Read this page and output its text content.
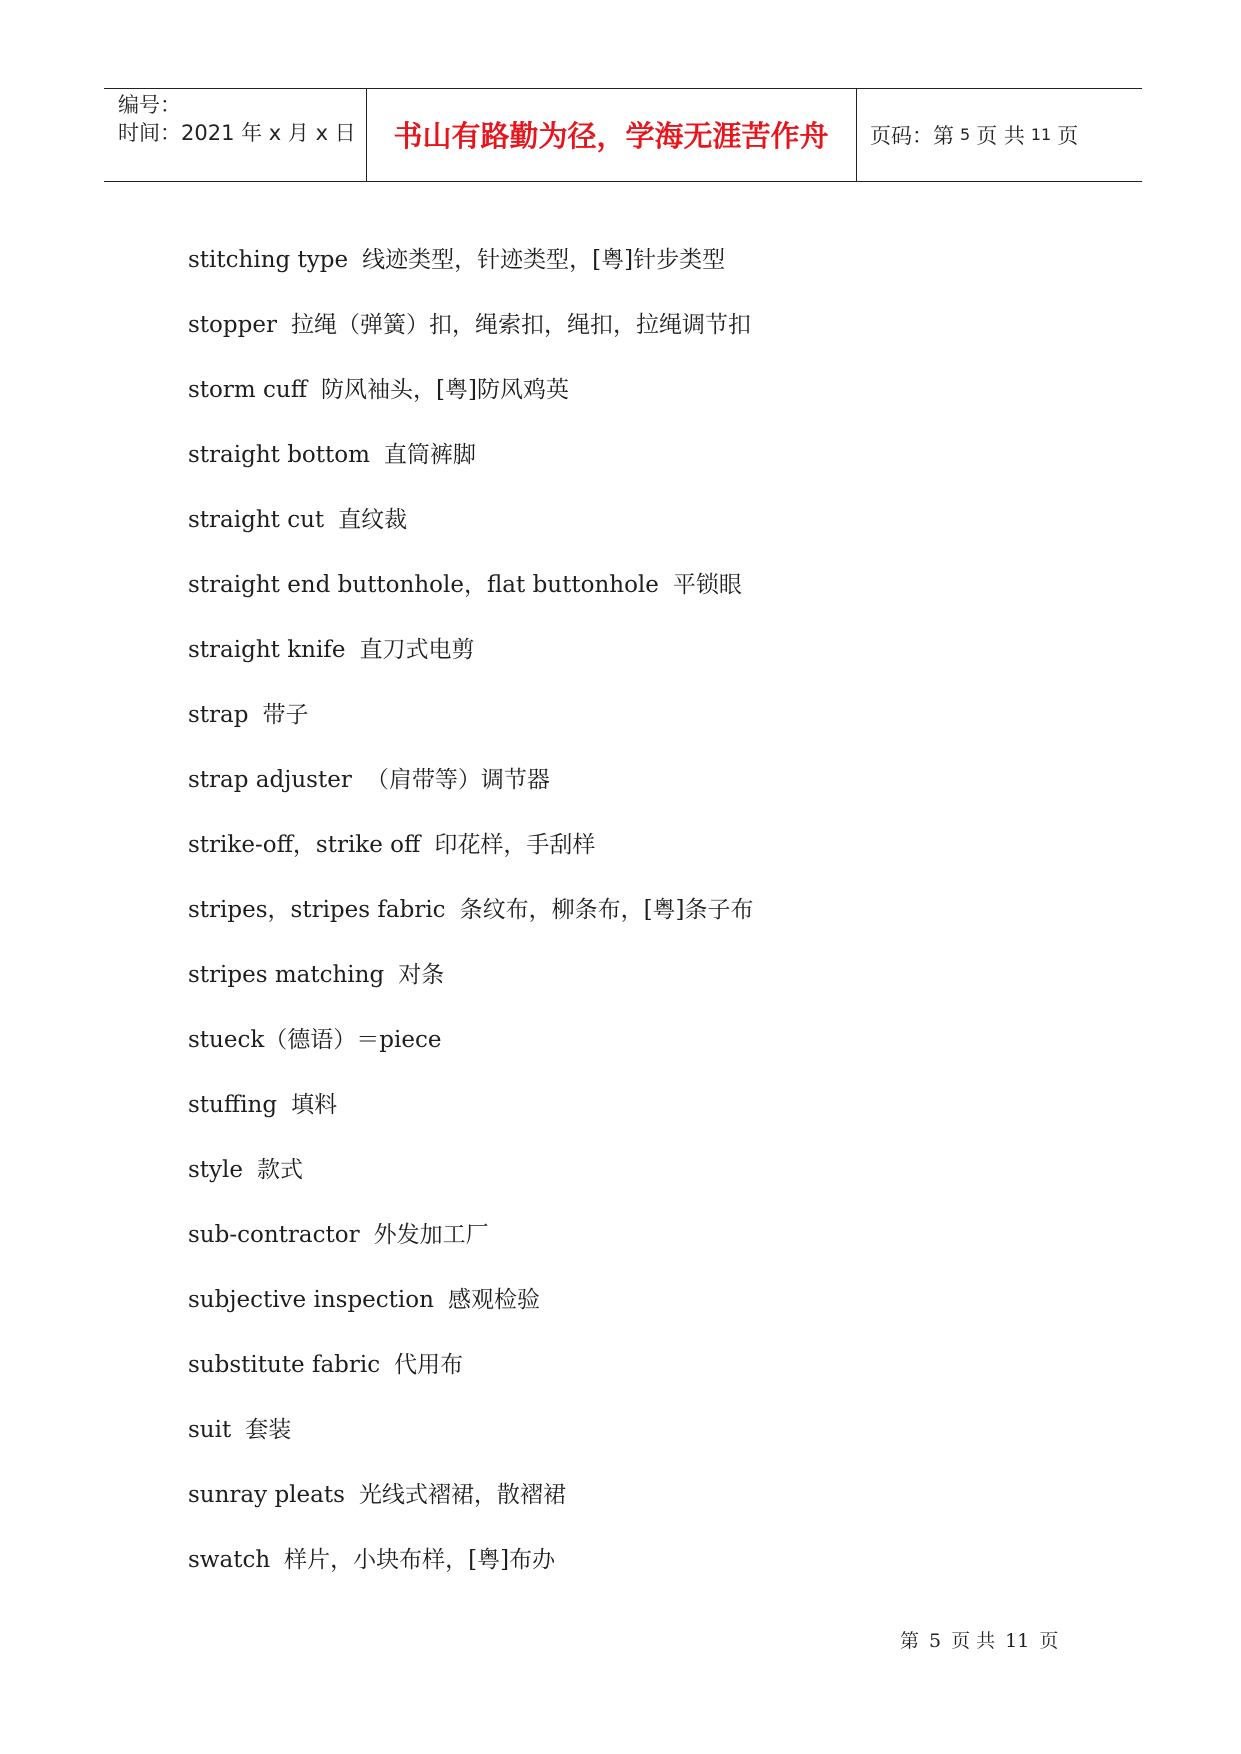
编号：
时间：2021 年 x 月 x 日	书山有路勤为径，学海无涯苦作舟	页码：第 5 页 共 11 页
stitching type 线迹类型，针迹类型，[粤]针步类型
stopper 拉绳（弹簧）扣，绳索扣，绳扣，拉绳调节扣
storm cuff 防风袖头，[粤]防风鸡英
straight bottom 直筒裤脚
straight cut 直纹裁
straight end buttonhole，flat buttonhole 平锁眼
straight knife 直刀式电剪
strap 带子
strap adjuster （肩带等）调节器
strike-off，strike off 印花样，手刮样
stripes，stripes fabric 条纹布，柳条布，[粤]条子布
stripes matching 对条
stueck（德语）＝piece
stuffing 填料
style 款式
sub-contractor 外发加工厂
subjective inspection 感观检验
substitute fabric 代用布
suit 套装
sunray pleats 光线式褶裙，散褶裙
swatch 样片，小块布样，[粤]布办
第 5 页 共 11 页
